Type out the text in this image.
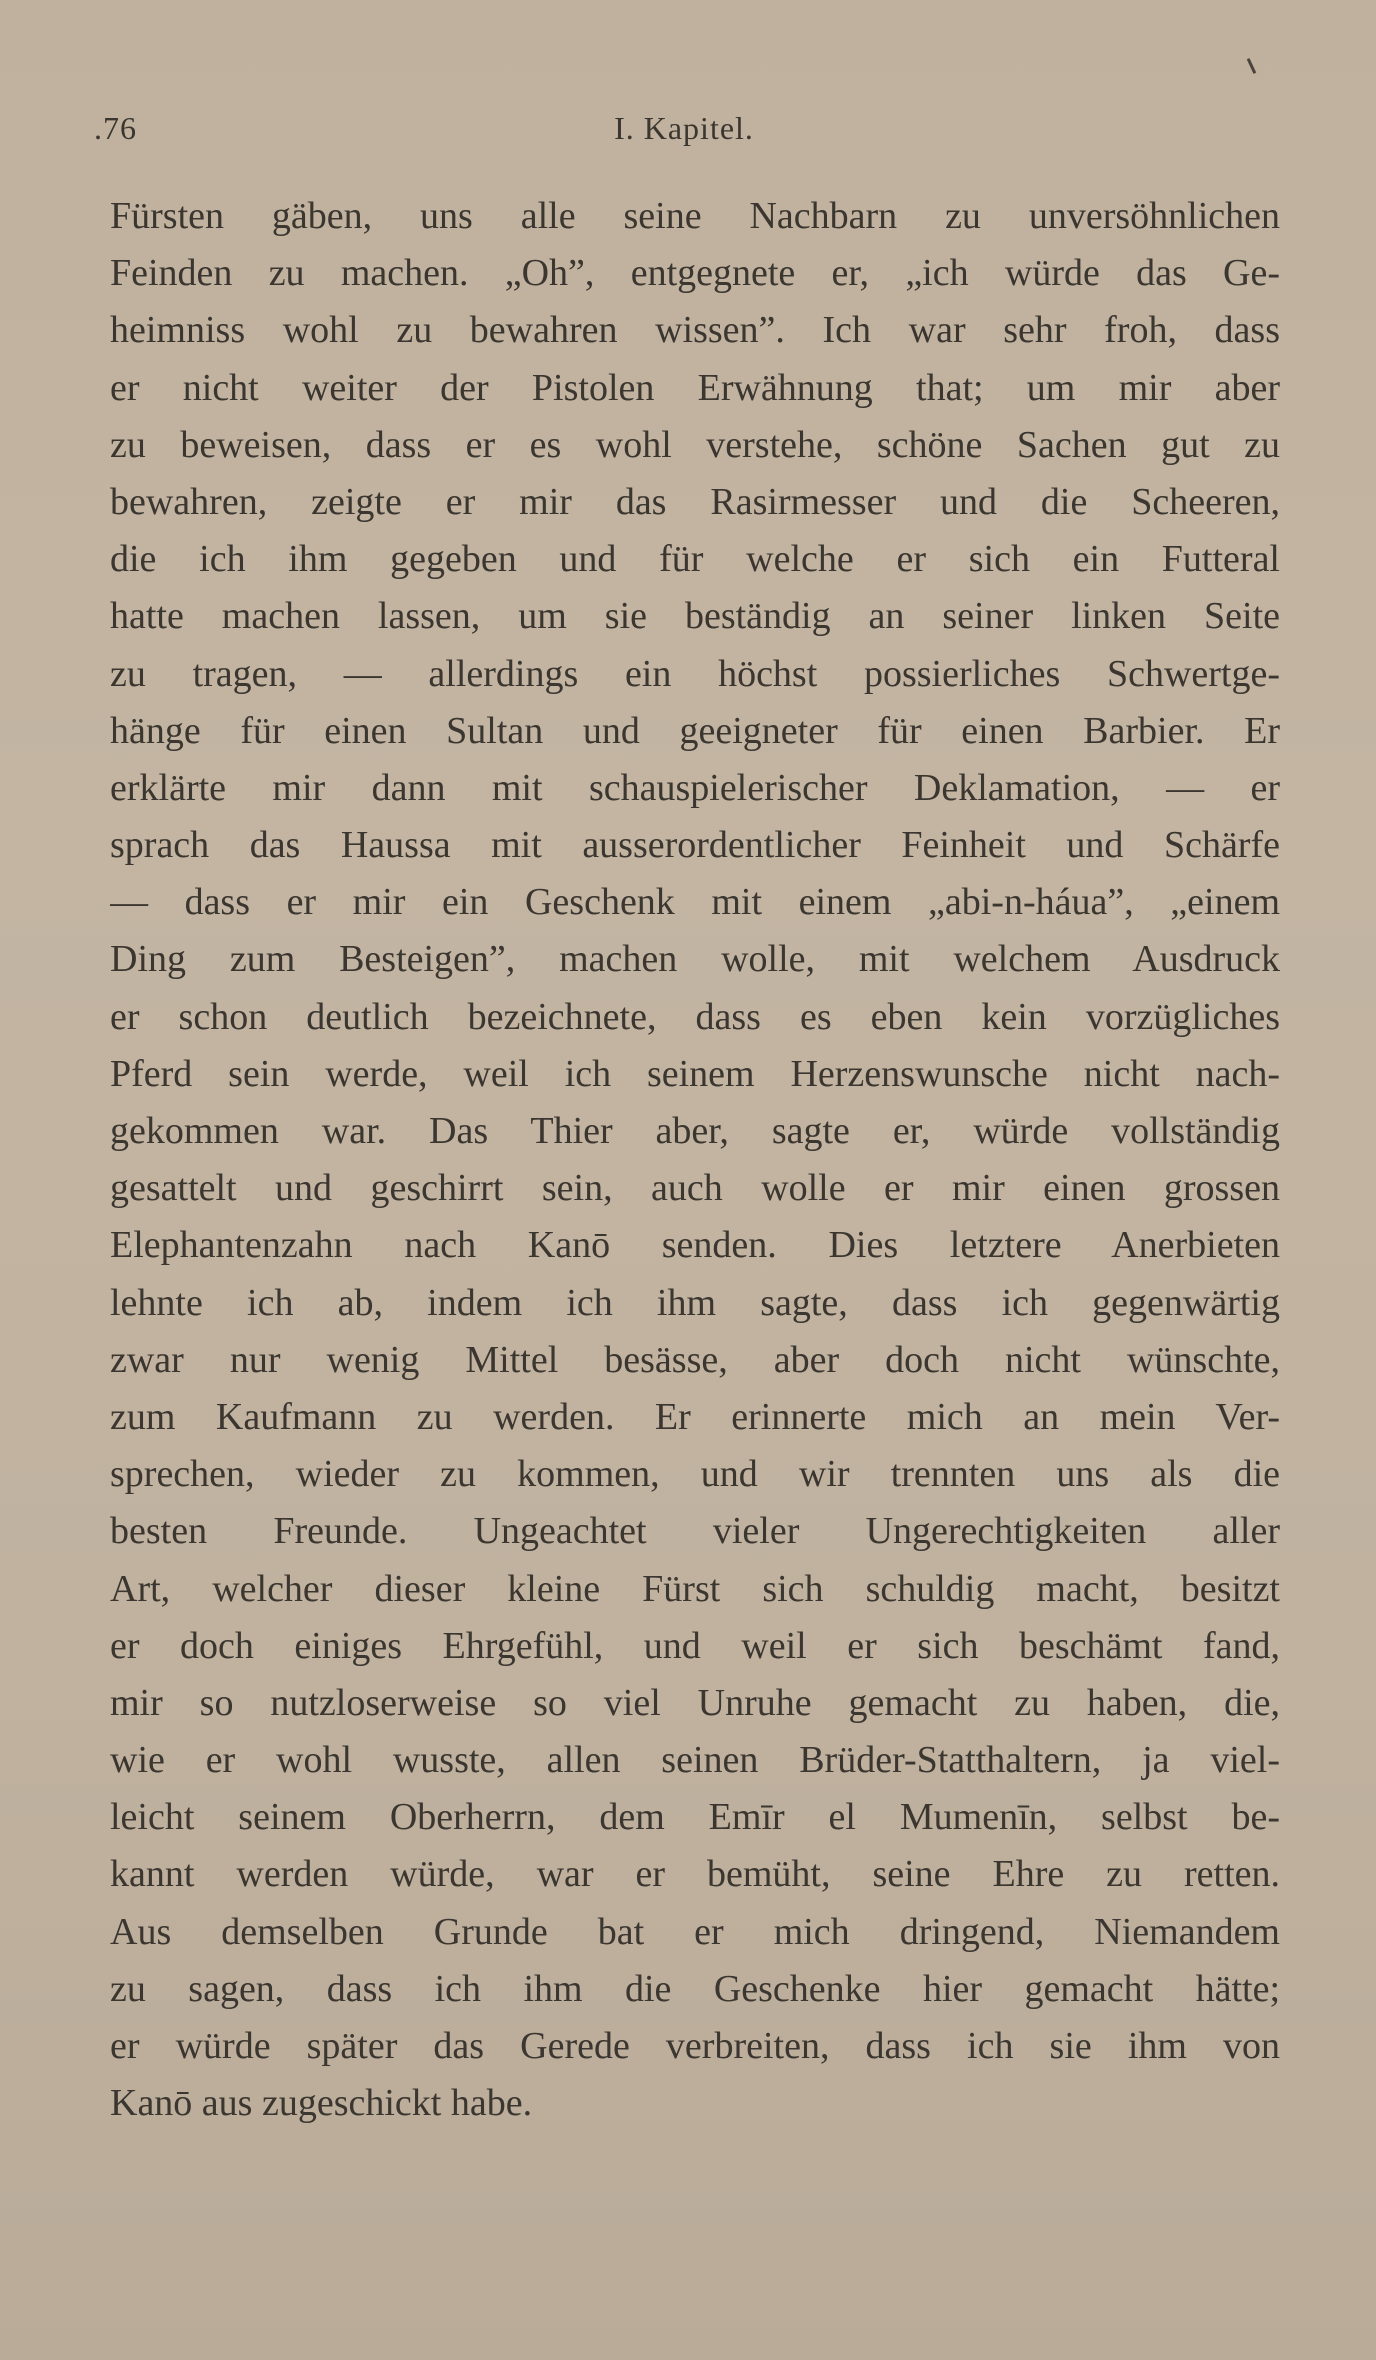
I. Kapitel.
.76
Fürsten gäben, uns alle seine Nachbarn zu unversöhnlichen
Feinden zu machen. „Oh”, entgegnete er, „ich würde das Ge-
heimniss wohl zu bewahren wissen”. Ich war sehr froh, dass
er nicht weiter der Pistolen Erwähnung that; um mir aber
zu beweisen, dass er es wohl verstehe, schöne Sachen gut zu
bewahren, zeigte er mir das Rasirmesser und die Scheeren,
die ich ihm gegeben und für welche er sich ein Futteral
hatte machen lassen, um sie beständig an seiner linken Seite
zu tragen, — allerdings ein höchst possierliches Schwertge-
hänge für einen Sultan und geeigneter für einen Barbier. Er
erklärte mir dann mit schauspielerischer Deklamation, — er
sprach das Haussa mit ausserordentlicher Feinheit und Schärfe
— dass er mir ein Geschenk mit einem „abi-n-háua”, „einem
Ding zum Besteigen”, machen wolle, mit welchem Ausdruck
er schon deutlich bezeichnete, dass es eben kein vorzügliches
Pferd sein werde, weil ich seinem Herzenswunsche nicht nach-
gekommen war. Das Thier aber, sagte er, würde vollständig
gesattelt und geschirrt sein, auch wolle er mir einen grossen
Elephantenzahn nach Kanō senden. Dies letztere Anerbieten
lehnte ich ab, indem ich ihm sagte, dass ich gegenwärtig
zwar nur wenig Mittel besässe, aber doch nicht wünschte,
zum Kaufmann zu werden. Er erinnerte mich an mein Ver-
sprechen, wieder zu kommen, und wir trennten uns als die
besten Freunde. Ungeachtet vieler Ungerechtigkeiten aller
Art, welcher dieser kleine Fürst sich schuldig macht, besitzt
er doch einiges Ehrgefühl, und weil er sich beschämt fand,
mir so nutzloserweise so viel Unruhe gemacht zu haben, die,
wie er wohl wusste, allen seinen Brüder-Statthaltern, ja viel-
leicht seinem Oberherrn, dem Emīr el Mumenīn, selbst be-
kannt werden würde, war er bemüht, seine Ehre zu retten.
Aus demselben Grunde bat er mich dringend, Niemandem
zu sagen, dass ich ihm die Geschenke hier gemacht hätte;
er würde später das Gerede verbreiten, dass ich sie ihm von
Kanō aus zugeschickt habe.
